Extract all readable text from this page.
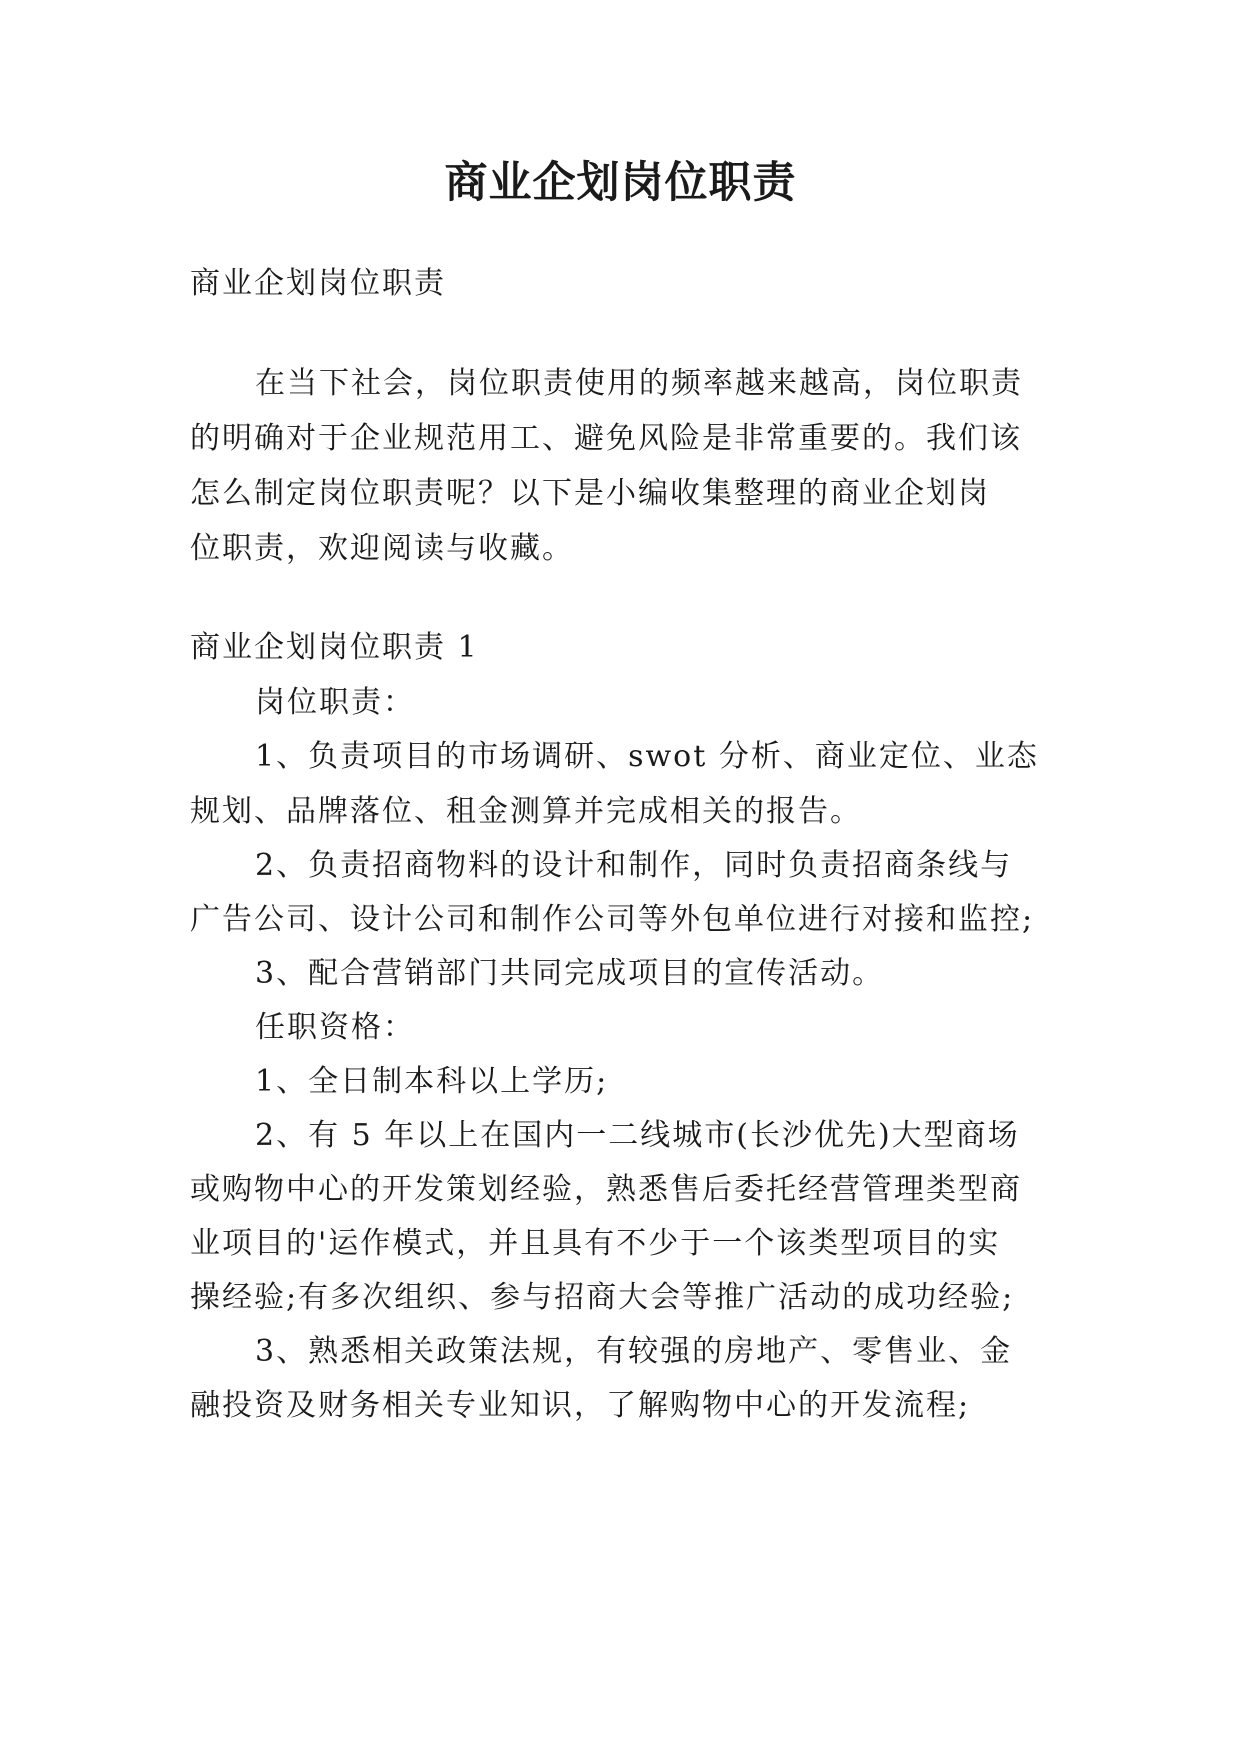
商业企划岗位职责
商业企划岗位职责
在当下社会，岗位职责使用的频率越来越高，岗位职责
的明确对于企业规范用工、避免风险是非常重要的。我们该
怎么制定岗位职责呢？以下是小编收集整理的商业企划岗
位职责，欢迎阅读与收藏。
商业企划岗位职责 1
岗位职责：
1、负责项目的市场调研、swot 分析、商业定位、业态
规划、品牌落位、租金测算并完成相关的报告。
2、负责招商物料的设计和制作，同时负责招商条线与
广告公司、设计公司和制作公司等外包单位进行对接和监控;
3、配合营销部门共同完成项目的宣传活动。
任职资格：
1、全日制本科以上学历;
2、有 5 年以上在国内一二线城市(长沙优先)大型商场
或购物中心的开发策划经验，熟悉售后委托经营管理类型商
业项目的'运作模式，并且具有不少于一个该类型项目的实
操经验;有多次组织、参与招商大会等推广活动的成功经验;
3、熟悉相关政策法规，有较强的房地产、零售业、金
融投资及财务相关专业知识，了解购物中心的开发流程;
